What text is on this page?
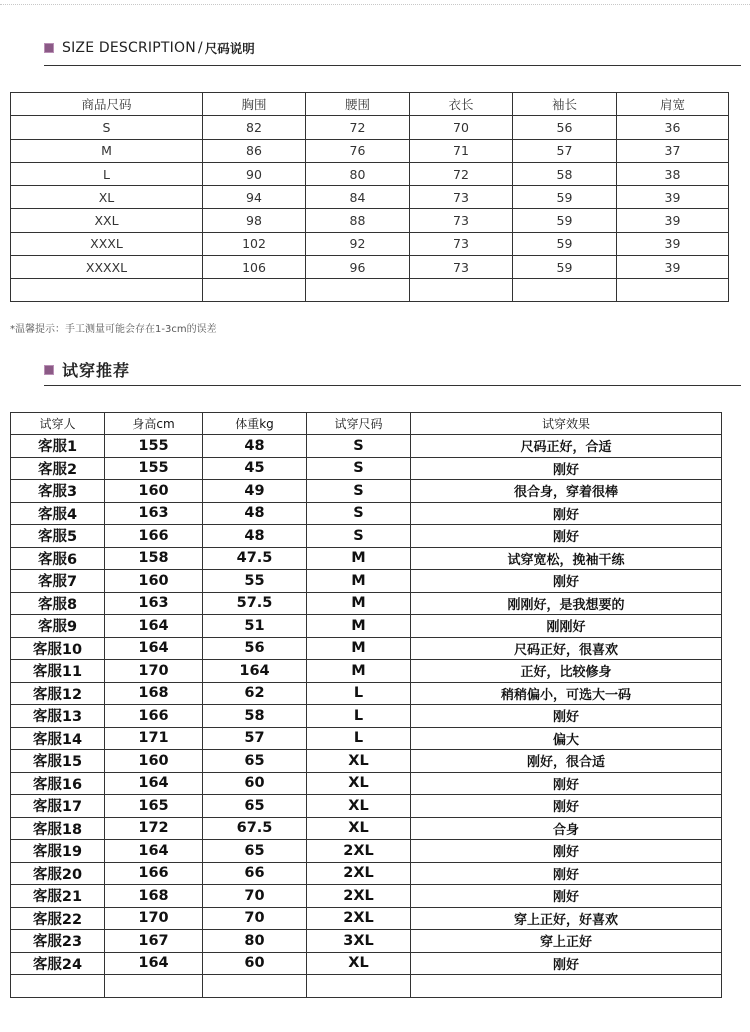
SIZE DESCRIPTION / 尺码说明
商品尺码	胸围	腰围	衣长	袖长	肩宽
S	82	72	70	56	36
M	86	76	71	57	37
L	90	80	72	58	38
XL	94	84	73	59	39
XXL	98	88	73	59	39
XXXL	102	92	73	59	39
XXXXL	106	96	73	59	39

*温馨提示：手工测量可能会存在1-3cm的误差
试穿推荐
试穿人	身高cm	体重kg	试穿尺码	试穿效果
客服1	155	48	S	尺码正好，合适
客服2	155	45	S	刚好
客服3	160	49	S	很合身，穿着很棒
客服4	163	48	S	刚好
客服5	166	48	S	刚好
客服6	158	47.5	M	试穿宽松，挽袖干练
客服7	160	55	M	刚好
客服8	163	57.5	M	刚刚好，是我想要的
客服9	164	51	M	刚刚好
客服10	164	56	M	尺码正好，很喜欢
客服11	170	164	M	正好，比较修身
客服12	168	62	L	稍稍偏小，可选大一码
客服13	166	58	L	刚好
客服14	171	57	L	偏大
客服15	160	65	XL	刚好，很合适
客服16	164	60	XL	刚好
客服17	165	65	XL	刚好
客服18	172	67.5	XL	合身
客服19	164	65	2XL	刚好
客服20	166	66	2XL	刚好
客服21	168	70	2XL	刚好
客服22	170	70	2XL	穿上正好，好喜欢
客服23	167	80	3XL	穿上正好
客服24	164	60	XL	刚好
